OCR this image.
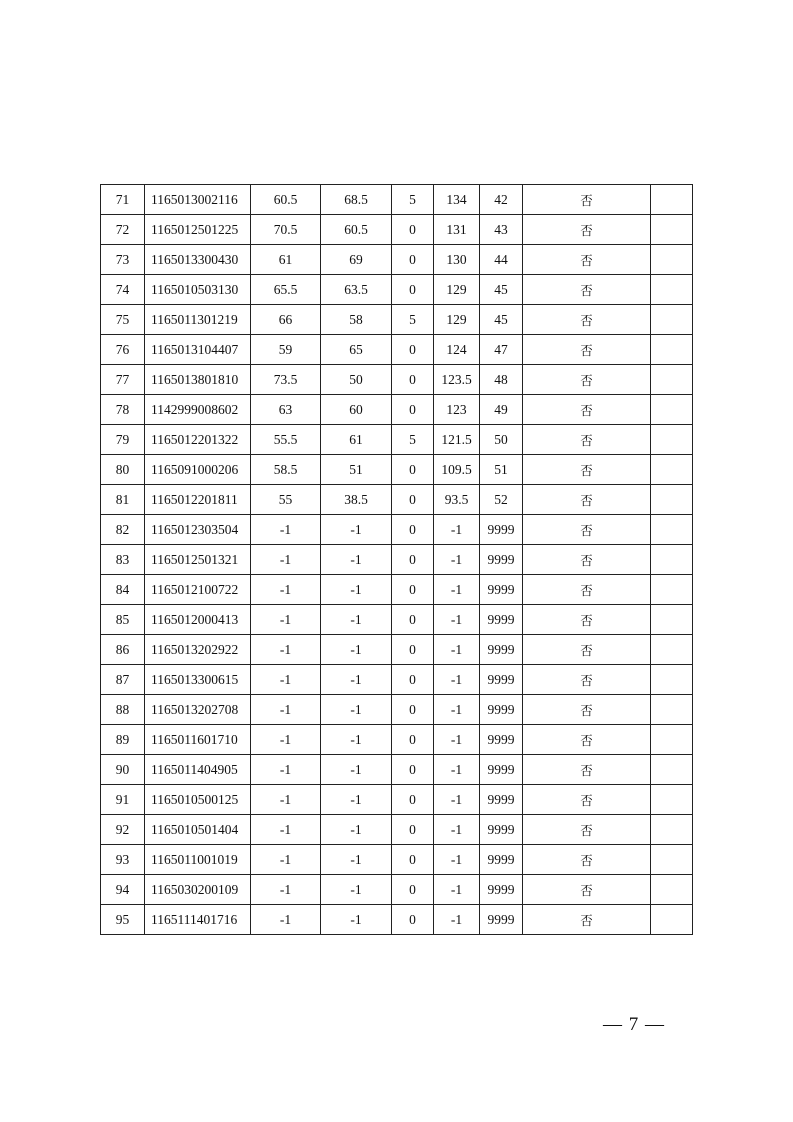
71	1165013002116	60.5	68.5	5	134	42	否	
72	1165012501225	70.5	60.5	0	131	43	否	
73	1165013300430	61	69	0	130	44	否	
74	1165010503130	65.5	63.5	0	129	45	否	
75	1165011301219	66	58	5	129	45	否	
76	1165013104407	59	65	0	124	47	否	
77	1165013801810	73.5	50	0	123.5	48	否	
78	1142999008602	63	60	0	123	49	否	
79	1165012201322	55.5	61	5	121.5	50	否	
80	1165091000206	58.5	51	0	109.5	51	否	
81	1165012201811	55	38.5	0	93.5	52	否	
82	1165012303504	-1	-1	0	-1	9999	否	
83	1165012501321	-1	-1	0	-1	9999	否	
84	1165012100722	-1	-1	0	-1	9999	否	
85	1165012000413	-1	-1	0	-1	9999	否	
86	1165013202922	-1	-1	0	-1	9999	否	
87	1165013300615	-1	-1	0	-1	9999	否	
88	1165013202708	-1	-1	0	-1	9999	否	
89	1165011601710	-1	-1	0	-1	9999	否	
90	1165011404905	-1	-1	0	-1	9999	否	
91	1165010500125	-1	-1	0	-1	9999	否	
92	1165010501404	-1	-1	0	-1	9999	否	
93	1165011001019	-1	-1	0	-1	9999	否	
94	1165030200109	-1	-1	0	-1	9999	否	
95	1165111401716	-1	-1	0	-1	9999	否	
— 7 —
